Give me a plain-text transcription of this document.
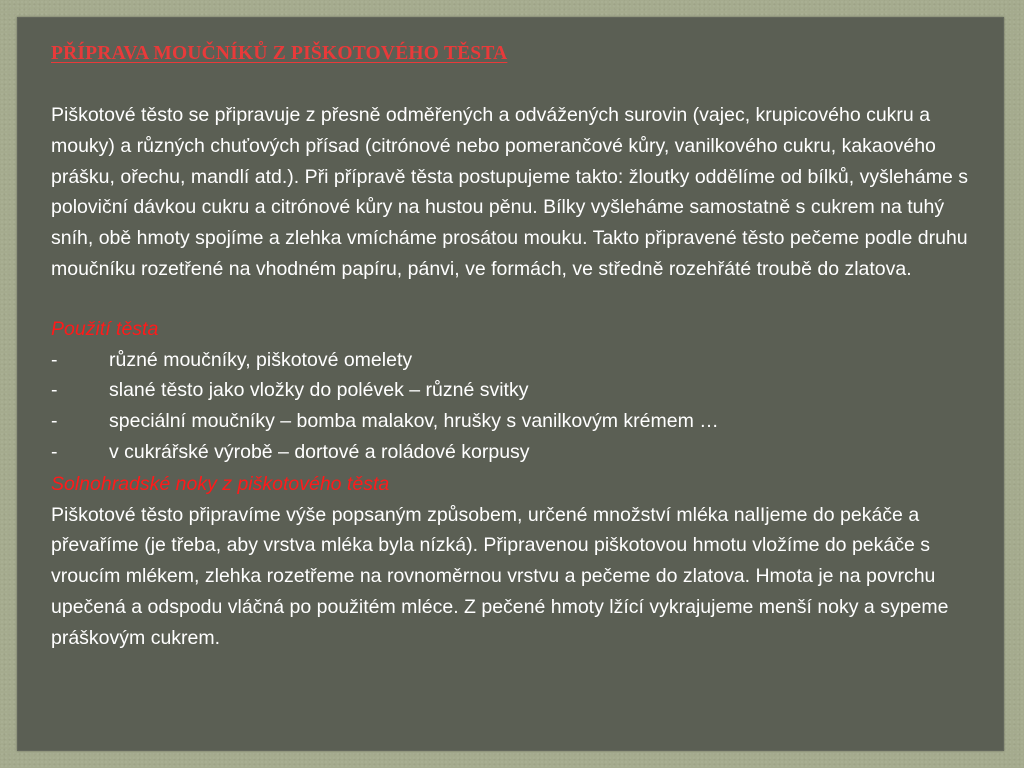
PŘÍPRAVA MOUČNÍKŮ Z PIŠKOTOVÉHO TĚSTA

Piškotové těsto se připravuje z přesně odměřených a odvážených surovin (vajec, krupicového cukru a mouky) a různých chuťových přísad (citrónové nebo pomerančové kůry, vanilkového cukru, kakaového prášku, ořechu, mandlí atd.). Při přípravě těsta postupujeme takto: žloutky oddělíme od bílků, vyšleháme s poloviční dávkou cukru a citrónové kůry na hustou pěnu. Bílky vyšleháme samostatně s cukrem na tuhý sníh, obě hmoty spojíme a zlehka vmícháme prosátou mouku. Takto připravené těsto pečeme podle druhu moučníku rozetřené na vhodném papíru, pánvi, ve formách, ve středně rozehřáté troubě do zlatova.

Použití těsta

-	různé moučníky, piškotové omelety
-	slané těsto jako vložky do polévek – různé svitky
-	speciální moučníky – bomba malakov, hrušky s vanilkovým krémem …
-	v cukrářské výrobě – dortové a roládové korpusy

Solnohradské noky z piškotového těsta

Piškotové těsto připravíme výše popsaným způsobem, určené množství mléka nalIjeme do pekáče a převaříme (je třeba, aby vrstva mléka byla nízká). Připravenou piškotovou hmotu vložíme do pekáče s vroucím mlékem, zlehka rozetřeme na rovnoměrnou vrstvu a pečeme do zlatova. Hmota je na povrchu upečená a odspodu vláčná po použitém mléce. Z pečené hmoty lžící vykrajujeme menší noky a sypeme práškovým cukrem.
